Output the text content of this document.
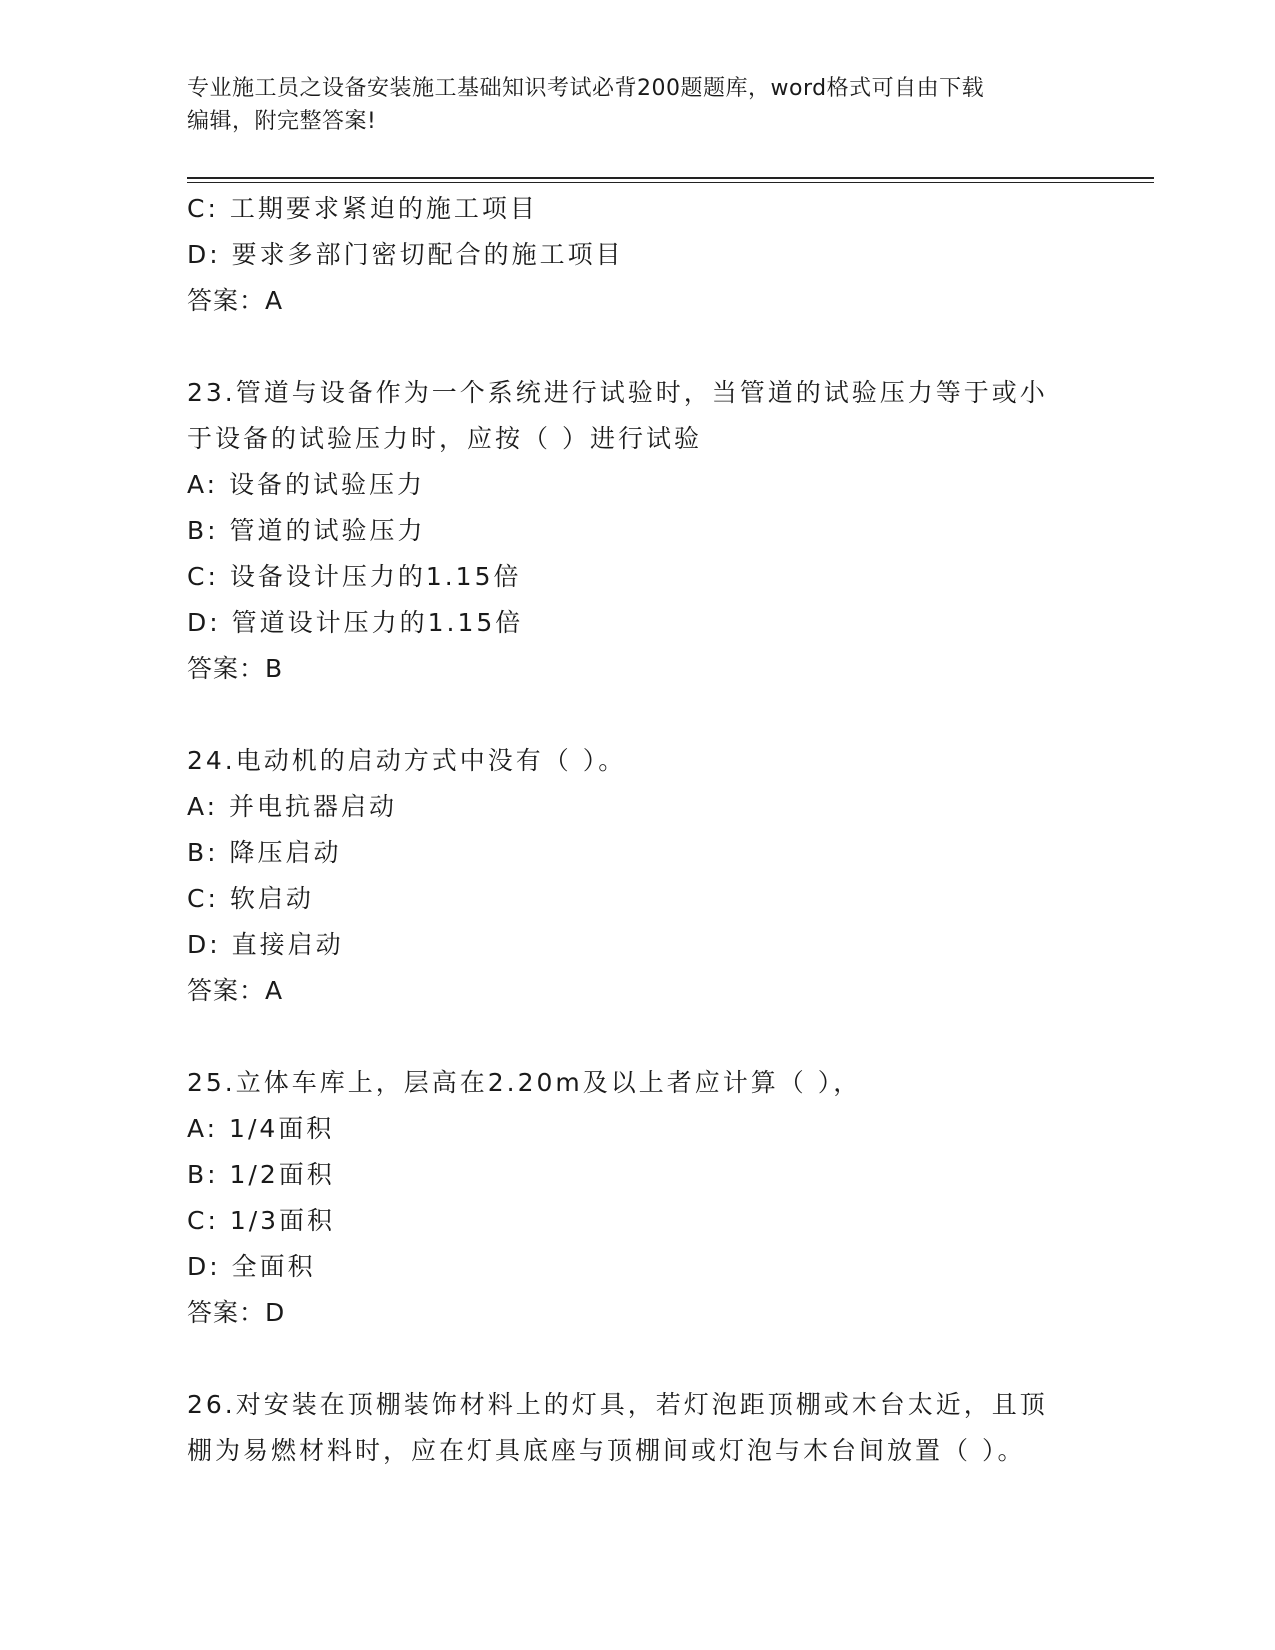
专业施工员之设备安装施工基础知识考试必背200题题库，word格式可自由下载
编辑，附完整答案!
C: 工期要求紧迫的施工项目
D: 要求多部门密切配合的施工项目
答案：A
23.管道与设备作为一个系统进行试验时，当管道的试验压力等于或小
于设备的试验压力时，应按（ ）进行试验
A: 设备的试验压力
B: 管道的试验压力
C: 设备设计压力的1.15倍
D: 管道设计压力的1.15倍
答案：B
24.电动机的启动方式中没有（ ）。
A: 并电抗器启动
B: 降压启动
C: 软启动
D: 直接启动
答案：A
25.立体车库上，层高在2.20m及以上者应计算（ ），
A: 1/4面积
B: 1/2面积
C: 1/3面积
D: 全面积
答案：D
26.对安装在顶棚装饰材料上的灯具，若灯泡距顶棚或木台太近，且顶
棚为易燃材料时，应在灯具底座与顶棚间或灯泡与木台间放置（ ）。
